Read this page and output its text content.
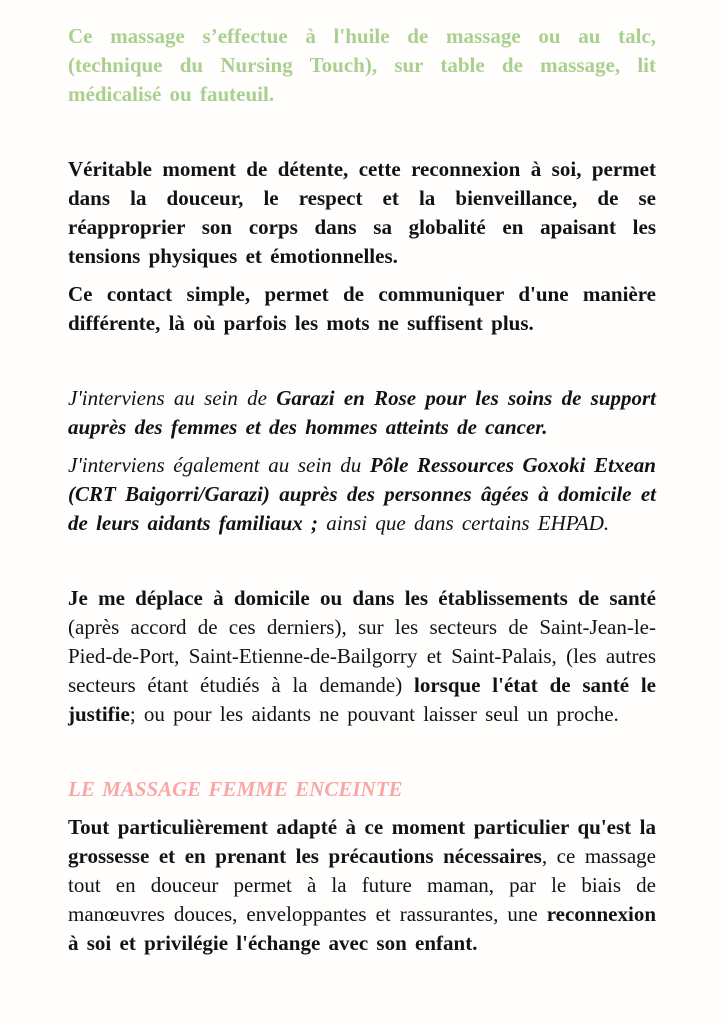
Ce massage s’effectue à l'huile de massage ou au talc, (technique du Nursing Touch), sur table de massage, lit médicalisé ou fauteuil.

Véritable moment de détente, cette reconnexion à soi, permet dans la douceur, le respect et la bienveillance, de se réapproprier son corps dans sa globalité en apaisant les tensions physiques et émotionnelles.

Ce contact simple, permet de communiquer d'une manière différente, là où parfois les mots ne suffisent plus.

J'interviens au sein de Garazi en Rose pour les soins de support auprès des femmes et des hommes atteints de cancer.

J'interviens également au sein du Pôle Ressources Goxoki Etxean (CRT Baigorri/Garazi) auprès des personnes âgées à domicile et de leurs aidants familiaux ; ainsi que dans certains EHPAD.

Je me déplace à domicile ou dans les établissements de santé (après accord de ces derniers), sur les secteurs de Saint-Jean-le-Pied-de-Port, Saint-Etienne-de-Bailgorry et Saint-Palais, (les autres secteurs étant étudiés à la demande) lorsque l'état de santé le justifie; ou pour les aidants ne pouvant laisser seul un proche.

LE MASSAGE FEMME ENCEINTE

Tout particulièrement adapté à ce moment particulier qu'est la grossesse et en prenant les précautions nécessaires, ce massage tout en douceur permet à la future maman, par le biais de manœuvres douces, enveloppantes et rassurantes, une reconnexion à soi et privilégie l'échange avec son enfant.
